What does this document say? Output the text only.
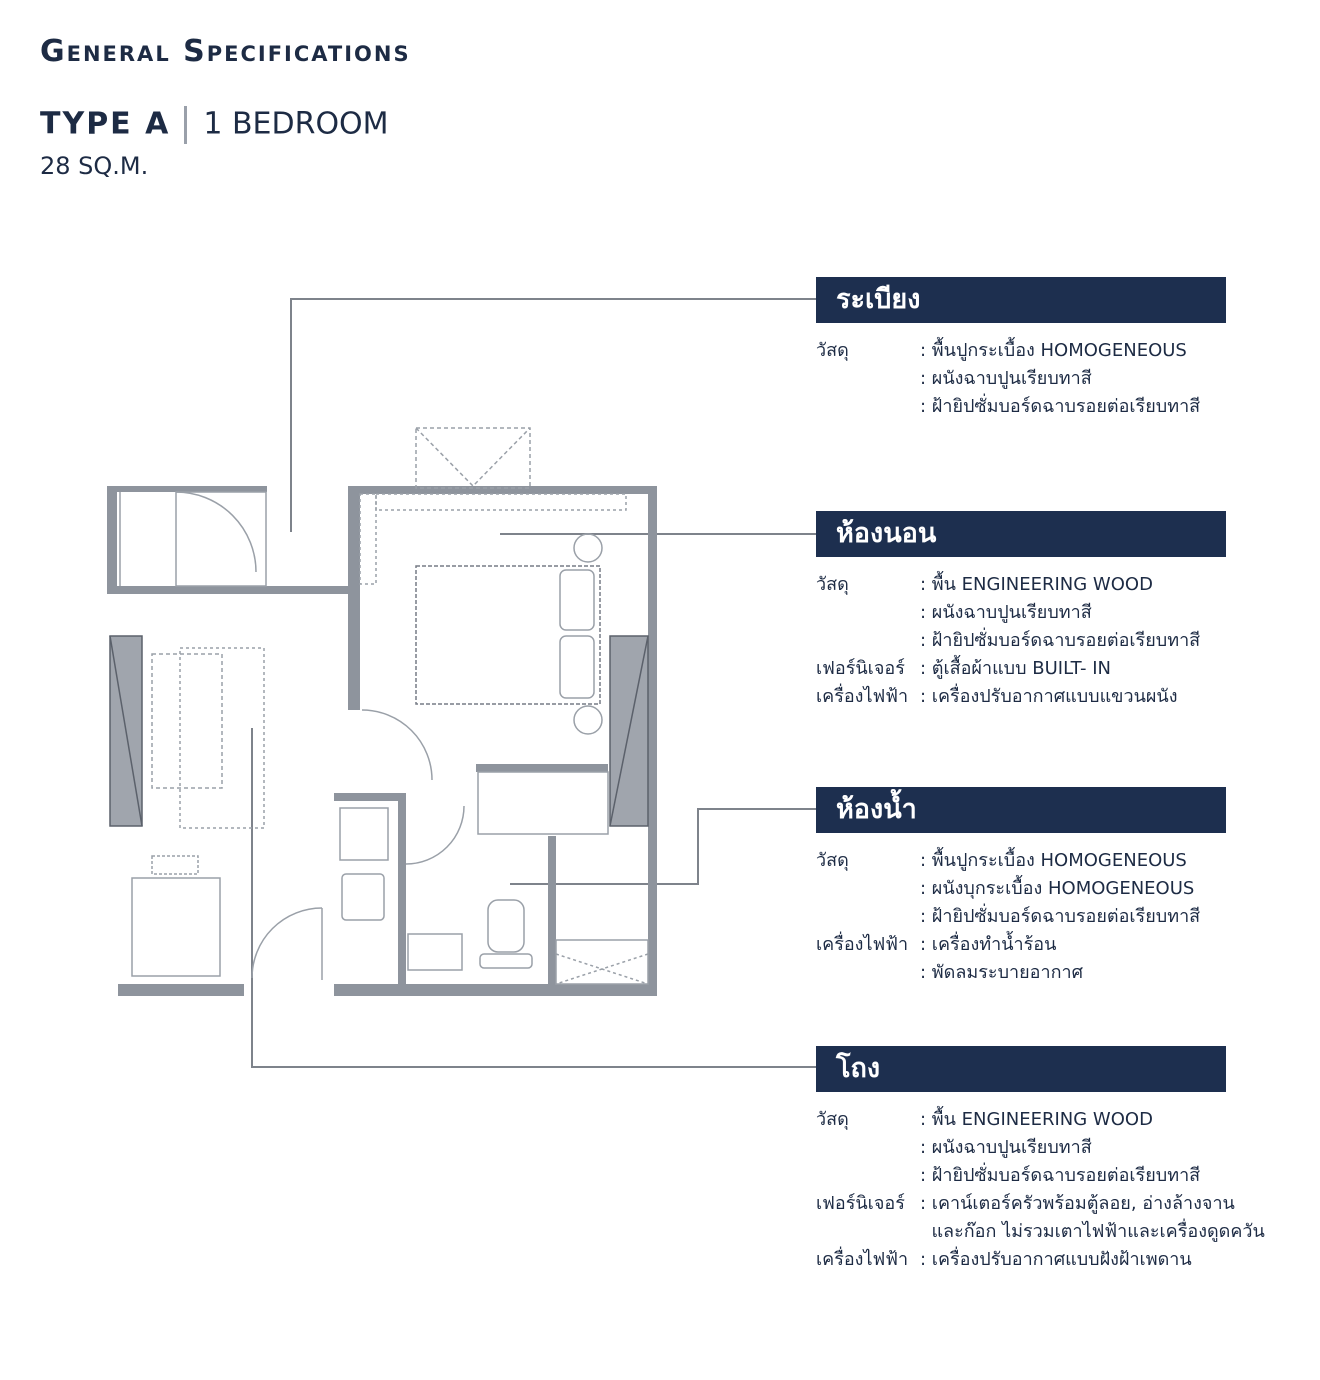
General Specifications
TYPE A 1 BEDROOM
28 SQ.M.
ระเบียง
วัสดุ	: พื้นปูกระเบื้อง HOMOGENEOUS
: ผนังฉาบปูนเรียบทาสี
: ฝ้ายิปซั่มบอร์ดฉาบรอยต่อเรียบทาสี
ห้องนอน
วัสดุ	: พื้น ENGINEERING WOOD
: ผนังฉาบปูนเรียบทาสี
: ฝ้ายิปซั่มบอร์ดฉาบรอยต่อเรียบทาสี
เฟอร์นิเจอร์ : ตู้เสื้อผ้าแบบ BUILT- IN
เครื่องไฟฟ้า : เครื่องปรับอากาศแบบแขวนผนัง
ห้องน้ำ
วัสดุ	: พื้นปูกระเบื้อง HOMOGENEOUS
: ผนังบุกระเบื้อง HOMOGENEOUS
: ฝ้ายิปซั่มบอร์ดฉาบรอยต่อเรียบทาสี
เครื่องไฟฟ้า : เครื่องทำน้ำร้อน
: พัดลมระบายอากาศ
โถง
วัสดุ	: พื้น ENGINEERING WOOD
: ผนังฉาบปูนเรียบทาสี
: ฝ้ายิปซั่มบอร์ดฉาบรอยต่อเรียบทาสี
เฟอร์นิเจอร์ : เคาน์เตอร์ครัวพร้อมตู้ลอย, อ่างล้างจาน
และก๊อก ไม่รวมเตาไฟฟ้าและเครื่องดูดควัน
เครื่องไฟฟ้า : เครื่องปรับอากาศแบบฝังฝ้าเพดาน
